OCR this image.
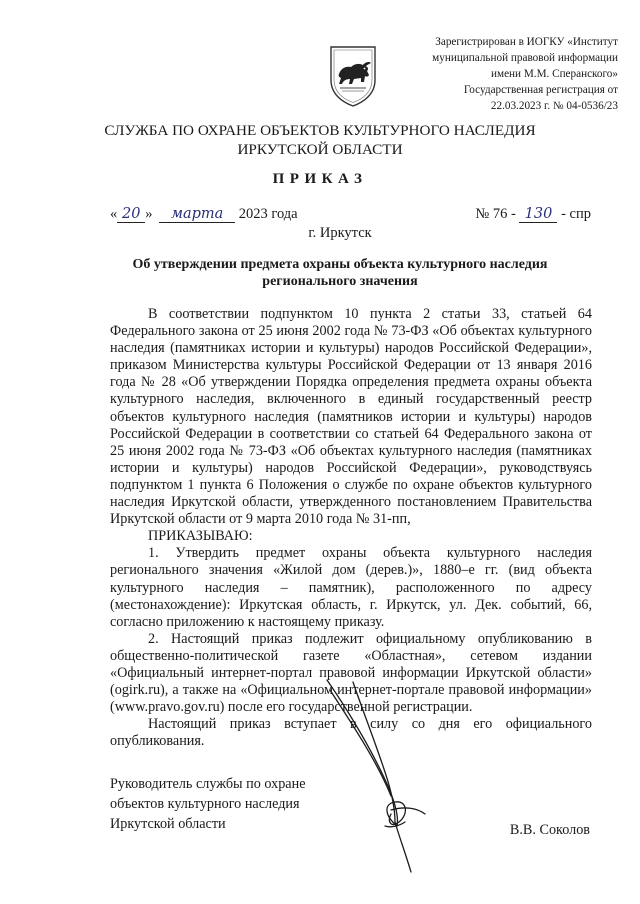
Зарегистрирован в ИОГКУ «Институт
муниципальной правовой информации
имени М.М. Сперанского»
Государственная регистрация от
22.03.2023 г. № 04-0536/23
СЛУЖБА ПО ОХРАНЕ ОБЪЕКТОВ КУЛЬТУРНОГО НАСЛЕДИЯ
ИРКУТСКОЙ ОБЛАСТИ
ПРИКАЗ
« 20 » марта 2023 года	№ 76 - 130 - спр
г. Иркутск
Об утверждении предмета охраны объекта культурного наследия
регионального значения

В соответствии подпунктом 10 пункта 2 статьи 33, статьей 64 Федерального закона от 25 июня 2002 года № 73-ФЗ «Об объектах культурного наследия (памятниках истории и культуры) народов Российской Федерации», приказом Министерства культуры Российской Федерации от 13 января 2016 года № 28 «Об утверждении Порядка определения предмета охраны объекта культурного наследия, включенного в единый государственный реестр объектов культурного наследия (памятников истории и культуры) народов Российской Федерации в соответствии со статьей 64 Федерального закона от 25 июня 2002 года № 73-ФЗ «Об объектах культурного наследия (памятниках истории и культуры) народов Российской Федерации», руководствуясь подпунктом 1 пункта 6 Положения о службе по охране объектов культурного наследия Иркутской области, утвержденного постановлением Правительства Иркутской области от 9 марта 2010 года № 31-пп,

ПРИКАЗЫВАЮ:

1. Утвердить предмет охраны объекта культурного наследия регионального значения «Жилой дом (дерев.)», 1880–е гг. (вид объекта культурного наследия – памятник), расположенного по адресу (местонахождение): Иркутская область, г. Иркутск, ул. Дек. событий, 66, согласно приложению к настоящему приказу.

2. Настоящий приказ подлежит официальному опубликованию в общественно-политической газете «Областная», сетевом издании «Официальный интернет-портал правовой информации Иркутской области» (ogirk.ru), а также на «Официальном интернет-портале правовой информации» (www.pravo.gov.ru) после его государственной регистрации.

Настоящий приказ вступает в силу со дня его официального опубликования.

Руководитель службы по охране
объектов культурного наследия
Иркутской области	В.В. Соколов
